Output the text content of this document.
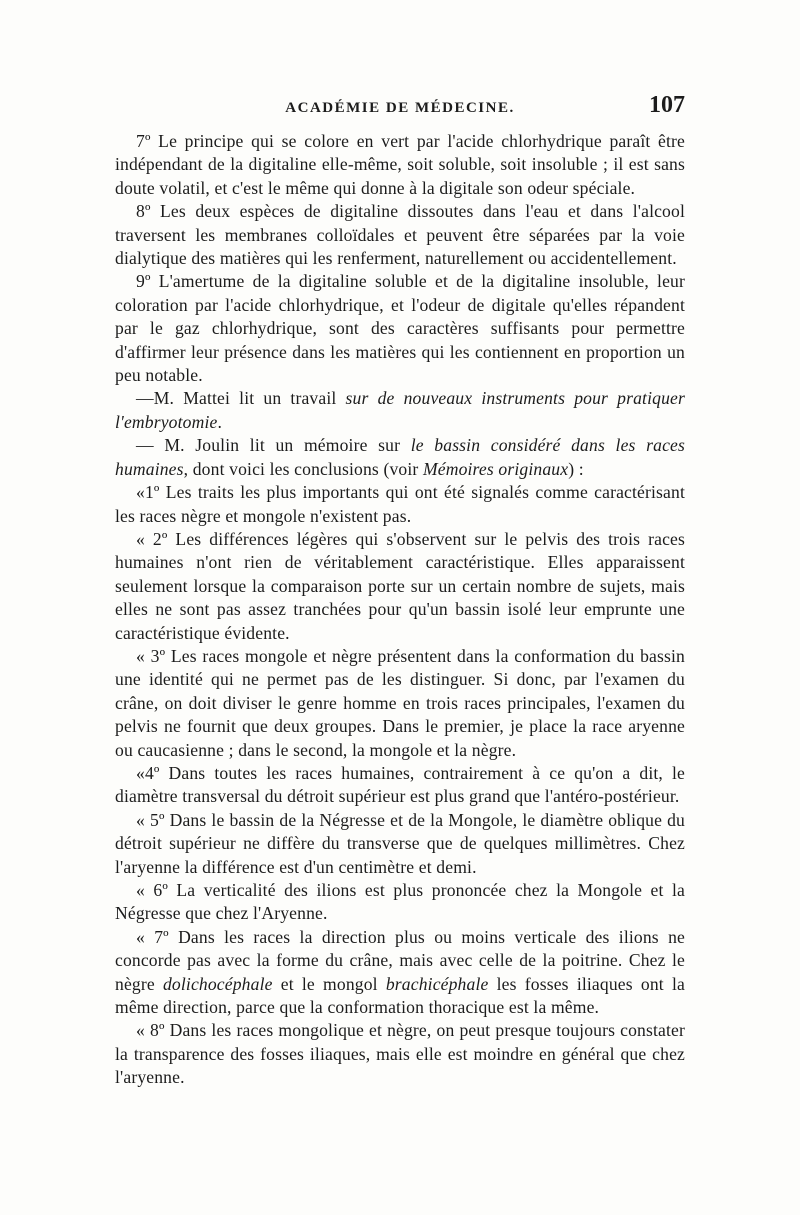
ACADÉMIE DE MÉDECINE.	107

7º Le principe qui se colore en vert par l'acide chlorhydrique paraît être indépendant de la digitaline elle-même, soit soluble, soit insoluble ; il est sans doute volatil, et c'est le même qui donne à la digitale son odeur spéciale.

8º Les deux espèces de digitaline dissoutes dans l'eau et dans l'alcool traversent les membranes colloïdales et peuvent être séparées par la voie dialytique des matières qui les renferment, naturellement ou accidentellement.

9º L'amertume de la digitaline soluble et de la digitaline insoluble, leur coloration par l'acide chlorhydrique, et l'odeur de digitale qu'elles répandent par le gaz chlorhydrique, sont des caractères suffisants pour permettre d'affirmer leur présence dans les matières qui les contiennent en proportion un peu notable.

—M. Mattei lit un travail sur de nouveaux instruments pour pratiquer l'embryotomie.

— M. Joulin lit un mémoire sur le bassin considéré dans les races humaines, dont voici les conclusions (voir Mémoires originaux) :

«1º Les traits les plus importants qui ont été signalés comme caractérisant les races nègre et mongole n'existent pas.

« 2º Les différences légères qui s'observent sur le pelvis des trois races humaines n'ont rien de véritablement caractéristique. Elles apparaissent seulement lorsque la comparaison porte sur un certain nombre de sujets, mais elles ne sont pas assez tranchées pour qu'un bassin isolé leur emprunte une caractéristique évidente.

« 3º Les races mongole et nègre présentent dans la conformation du bassin une identité qui ne permet pas de les distinguer. Si donc, par l'examen du crâne, on doit diviser le genre homme en trois races principales, l'examen du pelvis ne fournit que deux groupes. Dans le premier, je place la race aryenne ou caucasienne ; dans le second, la mongole et la nègre.

«4º Dans toutes les races humaines, contrairement à ce qu'on a dit, le diamètre transversal du détroit supérieur est plus grand que l'antéro-postérieur.

« 5º Dans le bassin de la Négresse et de la Mongole, le diamètre oblique du détroit supérieur ne diffère du transverse que de quelques millimètres. Chez l'aryenne la différence est d'un centimètre et demi.

« 6º La verticalité des ilions est plus prononcée chez la Mongole et la Négresse que chez l'Aryenne.

« 7º Dans les races la direction plus ou moins verticale des ilions ne concorde pas avec la forme du crâne, mais avec celle de la poitrine. Chez le nègre dolichocéphale et le mongol brachicéphale les fosses iliaques ont la même direction, parce que la conformation thoracique est la même.

« 8º Dans les races mongolique et nègre, on peut presque toujours constater la transparence des fosses iliaques, mais elle est moindre en général que chez l'aryenne.
